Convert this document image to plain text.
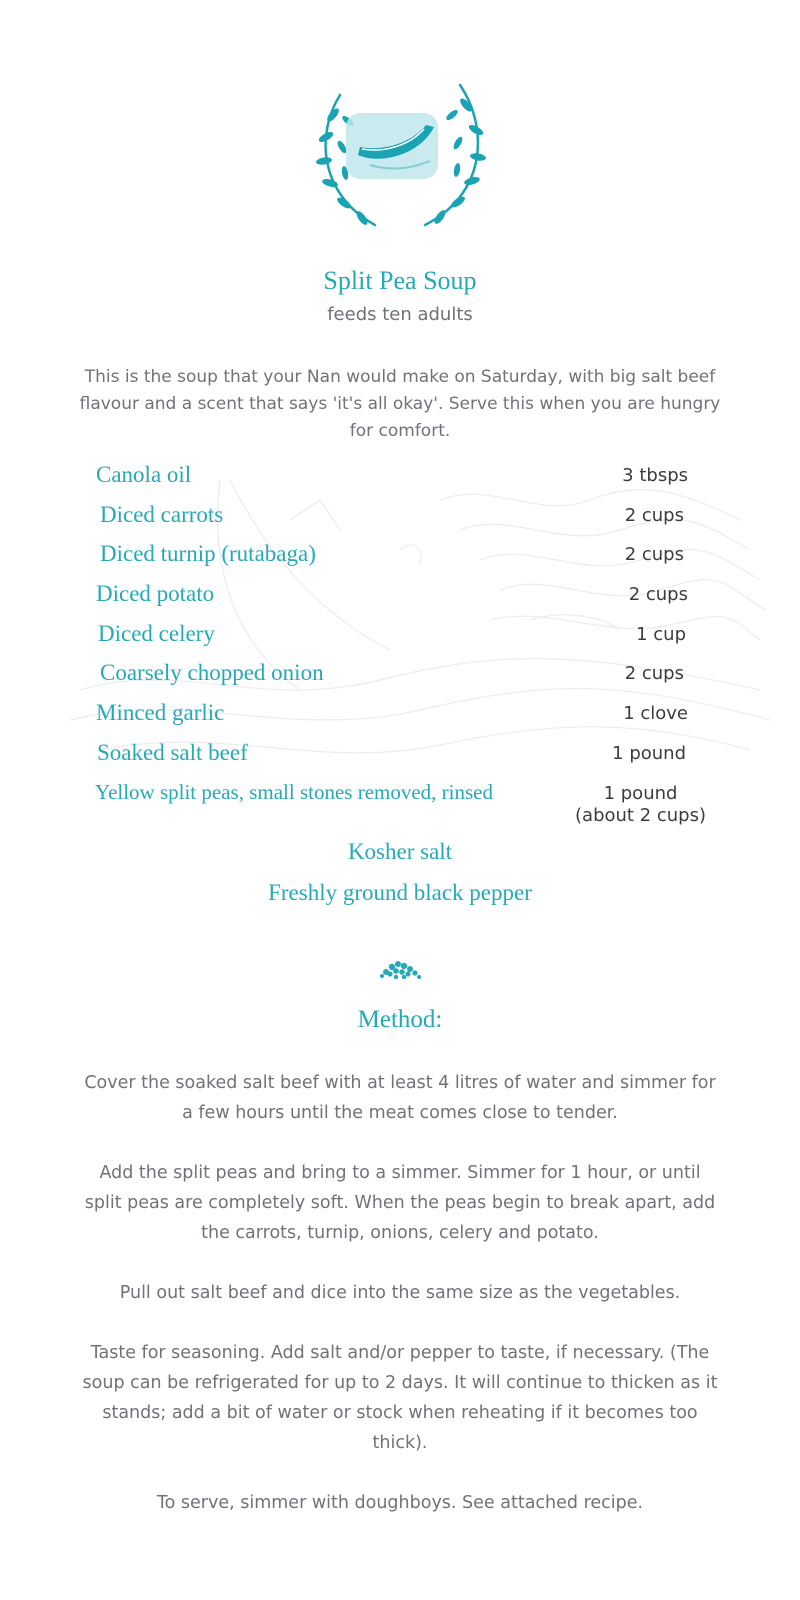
Split Pea Soup
feeds ten adults
This is the soup that your Nan would make on Saturday, with big salt beef flavour and a scent that says 'it's all okay'. Serve this when you are hungry for comfort.
Canola oil	3 tbsps
Diced carrots	2 cups
Diced turnip (rutabaga)	2 cups
Diced potato	2 cups
Diced celery	1 cup
Coarsely chopped onion	2 cups
Minced garlic	1 clove
Soaked salt beef	1 pound
Yellow split peas, small stones removed, rinsed	1 pound
(about 2 cups)
Kosher salt
Freshly ground black pepper
Method:

Cover the soaked salt beef with at least 4 litres of water and simmer for a few hours until the meat comes close to tender.

Add the split peas and bring to a simmer. Simmer for 1 hour, or until split peas are completely soft. When the peas begin to break apart, add the carrots, turnip, onions, celery and potato.

Pull out salt beef and dice into the same size as the vegetables.

Taste for seasoning. Add salt and/or pepper to taste, if necessary. (The soup can be refrigerated for up to 2 days. It will continue to thicken as it stands; add a bit of water or stock when reheating if it becomes too thick).

To serve, simmer with doughboys. See attached recipe.
